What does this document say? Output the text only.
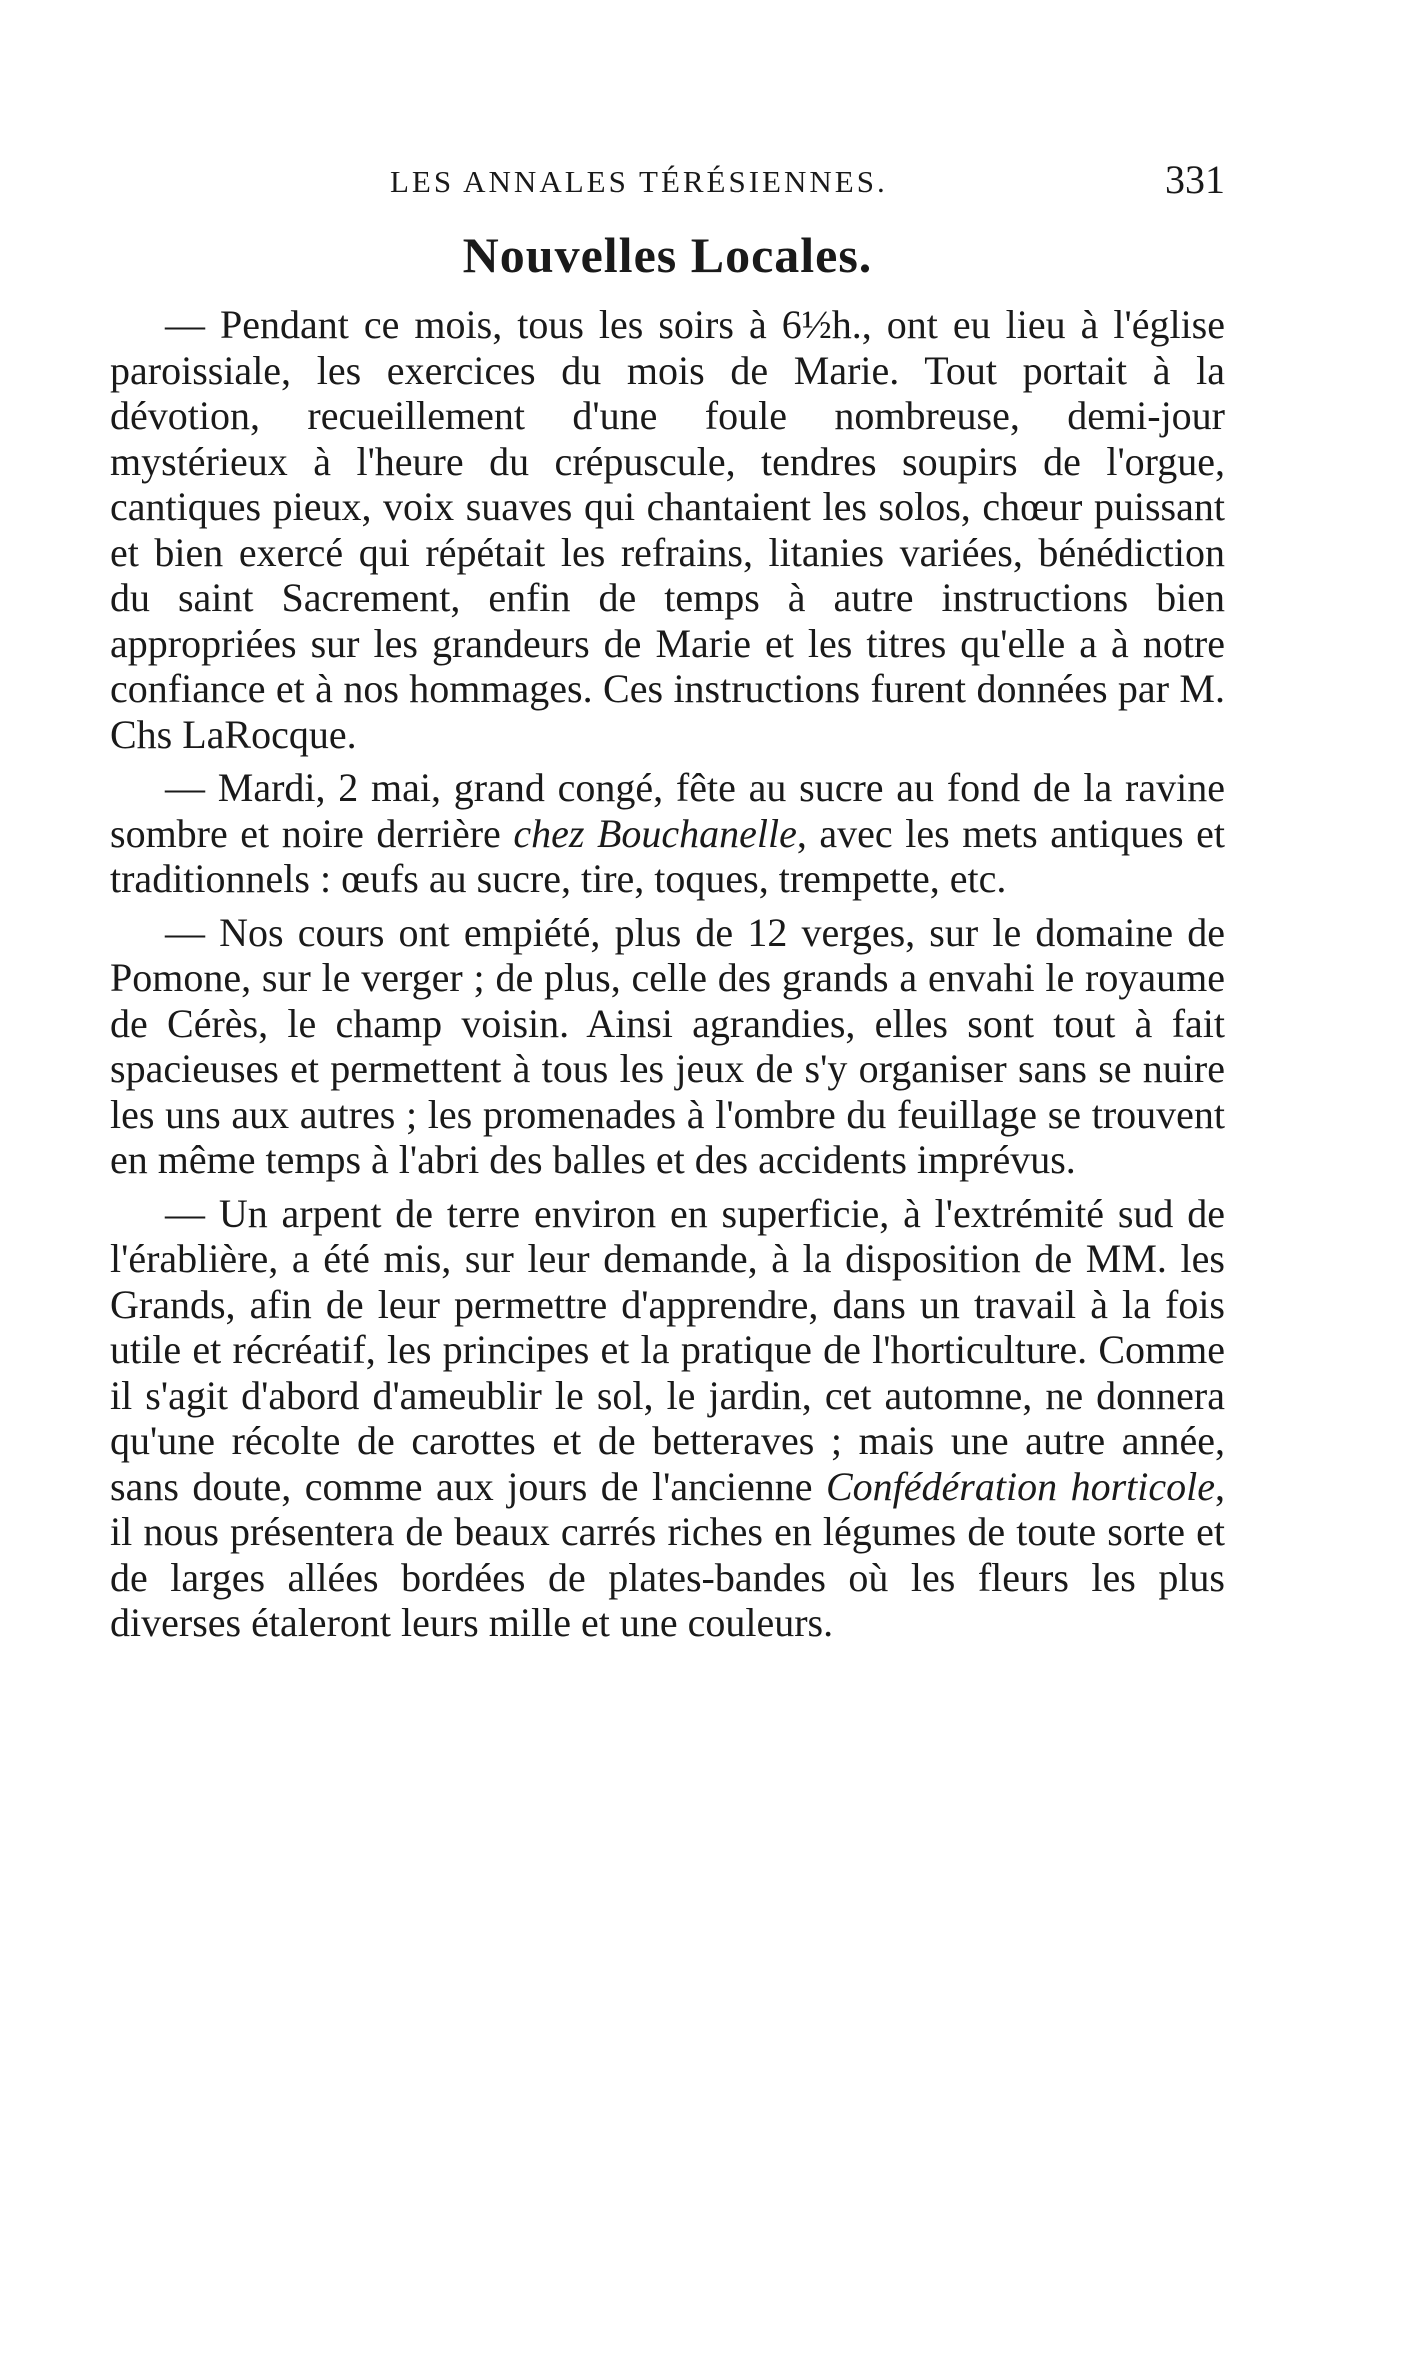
LES ANNALES TÉRÉSIENNES.	331
Nouvelles Locales.

— Pendant ce mois, tous les soirs à 6½h., ont eu lieu à l'église paroissiale, les exercices du mois de Marie. Tout portait à la dévotion, recueillement d'une foule nombreuse, demi-jour mystérieux à l'heure du crépuscule, tendres soupirs de l'orgue, cantiques pieux, voix suaves qui chantaient les solos, chœur puissant et bien exercé qui répétait les refrains, litanies variées, bénédiction du saint Sacrement, enfin de temps à autre instructions bien appropriées sur les grandeurs de Marie et les titres qu'elle a à notre confiance et à nos hommages. Ces instructions furent données par M. Chs LaRocque.

— Mardi, 2 mai, grand congé, fête au sucre au fond de la ravine sombre et noire derrière chez Bouchanelle, avec les mets antiques et traditionnels : œufs au sucre, tire, toques, trempette, etc.

— Nos cours ont empiété, plus de 12 verges, sur le domaine de Pomone, sur le verger ; de plus, celle des grands a envahi le royaume de Cérès, le champ voisin. Ainsi agrandies, elles sont tout à fait spacieuses et permettent à tous les jeux de s'y organiser sans se nuire les uns aux autres ; les promenades à l'ombre du feuillage se trouvent en même temps à l'abri des balles et des accidents imprévus.

— Un arpent de terre environ en superficie, à l'extrémité sud de l'érablière, a été mis, sur leur demande, à la disposition de MM. les Grands, afin de leur permettre d'apprendre, dans un travail à la fois utile et récréatif, les principes et la pratique de l'horticulture. Comme il s'agit d'abord d'ameublir le sol, le jardin, cet automne, ne donnera qu'une récolte de carottes et de betteraves ; mais une autre année, sans doute, comme aux jours de l'ancienne Confédération horticole, il nous présentera de beaux carrés riches en légumes de toute sorte et de larges allées bordées de plates-bandes où les fleurs les plus diverses étaleront leurs mille et une couleurs.
